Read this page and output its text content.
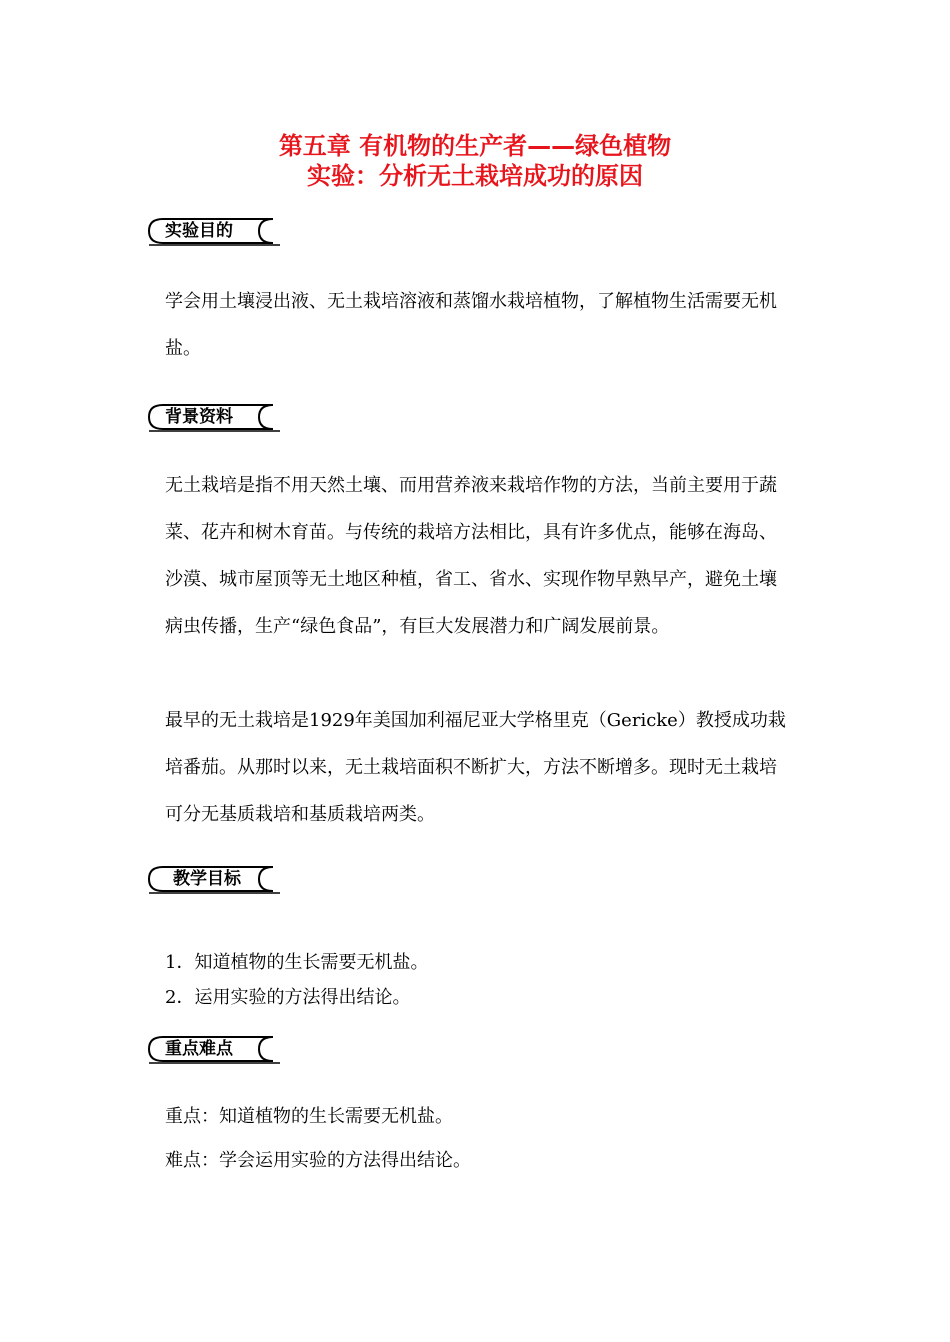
第五章 有机物的生产者——绿色植物
实验：分析无土栽培成功的原因
实验目的

学会用土壤浸出液、无土栽培溶液和蒸馏水栽培植物，了解植物生活需要无机盐。

背景资料

无土栽培是指不用天然土壤、而用营养液来栽培作物的方法，当前主要用于蔬菜、花卉和树木育苗。与传统的栽培方法相比，具有许多优点，能够在海岛、沙漠、城市屋顶等无土地区种植，省工、省水、实现作物早熟早产，避免土壤病虫传播，生产“绿色食品”，有巨大发展潜力和广阔发展前景。

最早的无土栽培是1929年美国加利福尼亚大学格里克（Gericke）教授成功栽培番茄。从那时以来，无土栽培面积不断扩大，方法不断增多。现时无土栽培可分无基质栽培和基质栽培两类。

教学目标
1．知道植物的生长需要无机盐。
2．运用实验的方法得出结论。
重点难点
重点：知道植物的生长需要无机盐。
难点：学会运用实验的方法得出结论。
